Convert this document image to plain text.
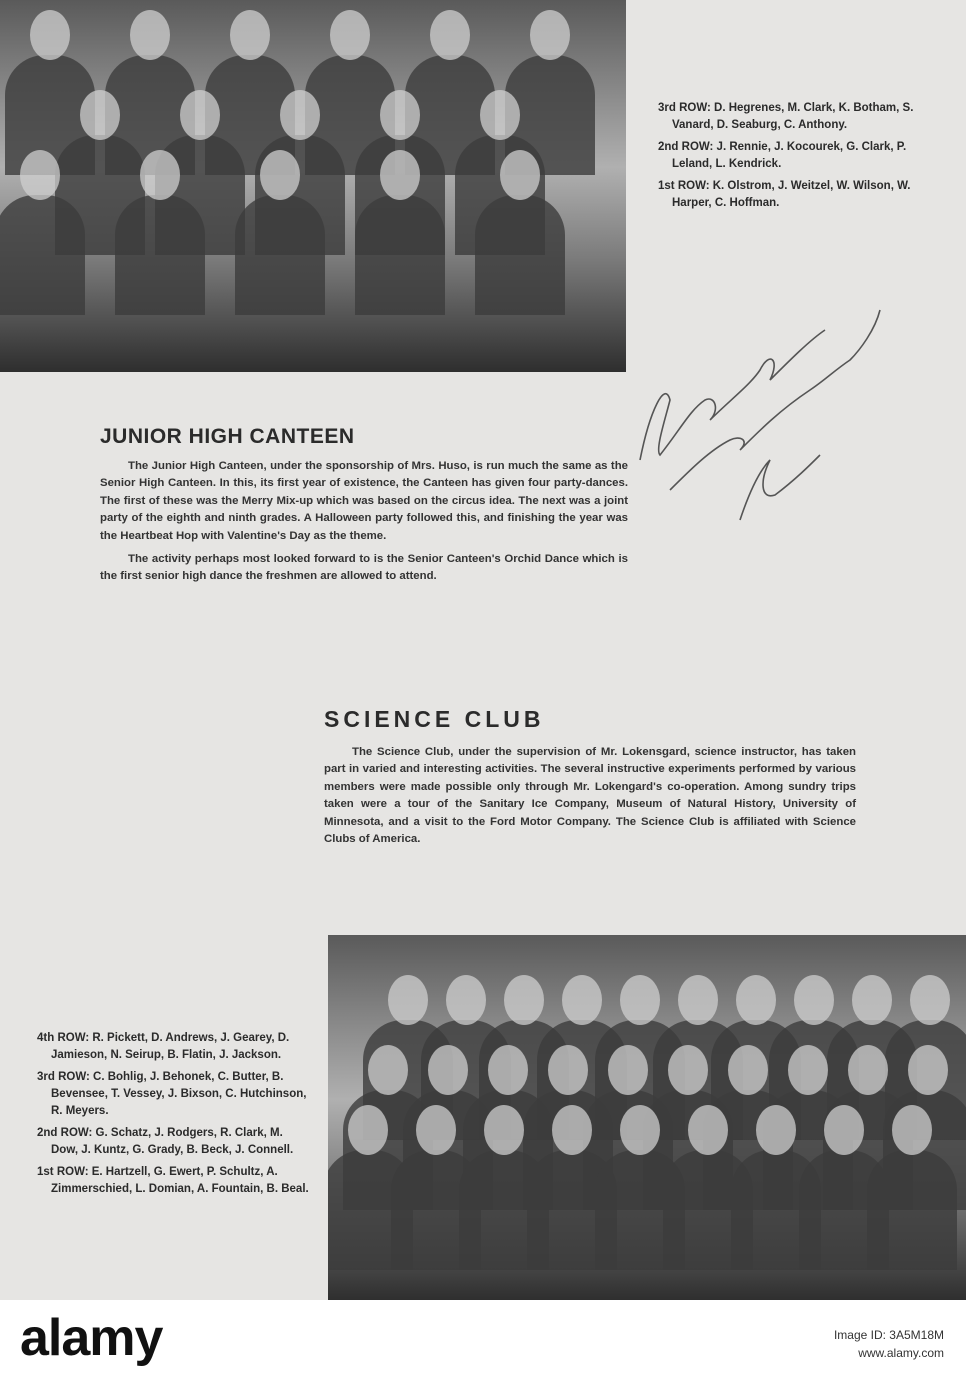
3rd ROW: D. Hegrenes, M. Clark, K. Botham, S. Vanard, D. Seaburg, C. Anthony.

2nd ROW: J. Rennie, J. Kocourek, G. Clark, P. Leland, L. Kendrick.

1st ROW: K. Olstrom, J. Weitzel, W. Wilson, W. Harper, C. Hoffman.

JUNIOR HIGH CANTEEN

The Junior High Canteen, under the sponsorship of Mrs. Huso, is run much the same as the Senior High Canteen. In this, its first year of existence, the Canteen has given four party-dances. The first of these was the Merry Mix-up which was based on the circus idea. The next was a joint party of the eighth and ninth grades. A Halloween party followed this, and finishing the year was the Heartbeat Hop with Valentine's Day as the theme.

The activity perhaps most looked forward to is the Senior Canteen's Orchid Dance which is the first senior high dance the freshmen are allowed to attend.

SCIENCE CLUB

The Science Club, under the supervision of Mr. Lokensgard, science instructor, has taken part in varied and interesting activities. The several instructive experiments performed by various members were made possible only through Mr. Lokengard's co-operation. Among sundry trips taken were a tour of the Sanitary Ice Company, Museum of Natural History, University of Minnesota, and a visit to the Ford Motor Company. The Science Club is affiliated with Science Clubs of America.

4th ROW: R. Pickett, D. Andrews, J. Gearey, D. Jamieson, N. Seirup, B. Flatin, J. Jackson.

3rd ROW: C. Bohlig, J. Behonek, C. Butter, B. Bevensee, T. Vessey, J. Bixson, C. Hutchinson, R. Meyers.

2nd ROW: G. Schatz, J. Rodgers, R. Clark, M. Dow, J. Kuntz, G. Grady, B. Beck, J. Connell.

1st ROW: E. Hartzell, G. Ewert, P. Schultz, A. Zimmerschied, L. Domian, A. Fountain, B. Beal.

alamy	Image ID: 3A5M18M
www.alamy.com
